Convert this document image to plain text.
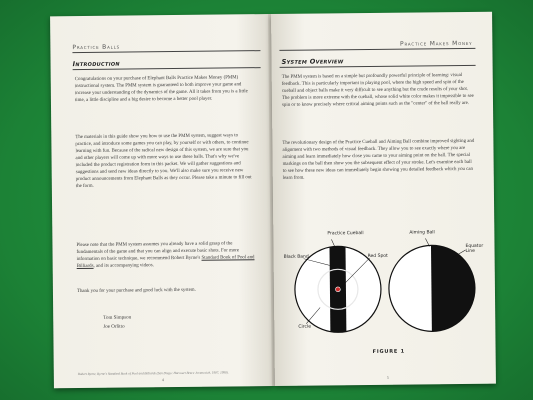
Practice Balls
Introduction

Congratulations on your purchase of Elephant Balls Practice Makes Money (PMM) instructional system. The PMM system is guaranteed to both improve your game and increase your understanding of the dynamics of the game. All it takes from you is a little time, a little discipline and a big desire to become a better pool player.

The materials in this guide show you how to use the PMM system, suggest ways to practice, and introduce some games you can play, by yourself or with others, to continue learning with fun. Because of the radical new design of this system, we are sure that you and other players will come up with more ways to use these balls. That's why we've included the product registration form in this packet. We will gather suggestions and suggestions and send new ideas directly to you. We'll also make sure you receive new product announcements from Elephant Balls as they occur. Please take a minute to fill out the form.

Please note that the PMM system assumes you already have a solid grasp of the fundamentals of the game and that you can align and execute basic shots. For more information on basic technique, we recommend Robert Byrne's Standard Book of Pool and Billiards, and its accompanying videos.

Thank you for your purchase and good luck with the system.

Tom Simpson
Joe Orlitto
Robert Byrne, Byrne's Standard Book of Pool and Billiards (San Diego: Harcourt Brace Jovanovich, 1987, 1998).
4
Practice Makes Money
System Overview

The PMM system is based on a simple but profoundly powerful principle of learning: visual feedback. This is particularly important in playing pool, where the high speed and spin of the cueball and object balls make it very difficult to see anything but the crude results of your shot. The problem is more extreme with the cueball, whose solid white color makes it impossible to see spin or to know precisely where critical aiming points such as the "center" of the ball really are.

The revolutionary design of the Practice Cueball and Aiming Ball combine improved sighting and alignment with two methods of visual feedback. They allow you to see exactly where you are aiming and learn immediately how close you came to your aiming point on the ball. The special markings on the ball then show you the subsequent effect of your stroke. Let's examine each ball to see how these new ideas can immediately begin showing you detailed feedback which you can learn from.

Practice Cueball	Aiming Ball
Black Band	Red Spot
Equator Line
Circle
FIGURE 1
5
